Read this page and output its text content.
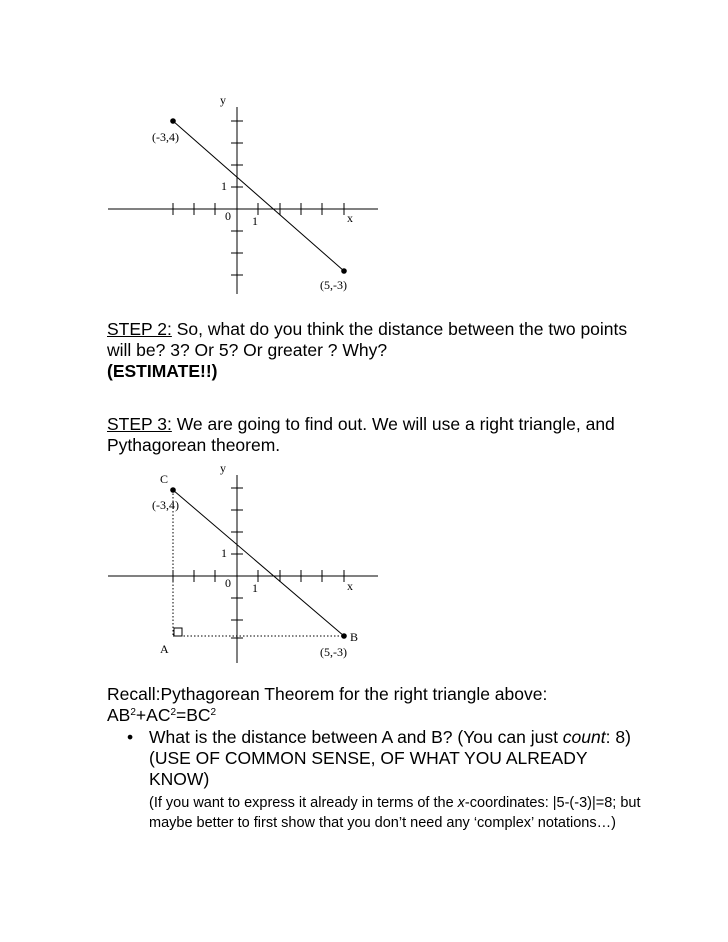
y
x
0 1
1
(-3,4)
(5,-3)
STEP 2: So, what do you think the distance between the two points will be? 3? Or 5? Or greater ? Why?
(ESTIMATE!!)
STEP 3: We are going to find out. We will use a right triangle, and Pythagorean theorem.
y
x
0 1
1
C
(-3,4)
B
(5,-3)
A
Recall:Pythagorean Theorem for the right triangle above:
$AB^2+AC^2=BC^2$
• What is the distance between A and B? (You can just count: 8) (USE OF COMMON SENSE, OF WHAT YOU ALREADY KNOW)
(If you want to express it already in terms of the x-coordinates: |5-(-3)|=8; but maybe better to first show that you don’t need any ‘complex’ notations…)
